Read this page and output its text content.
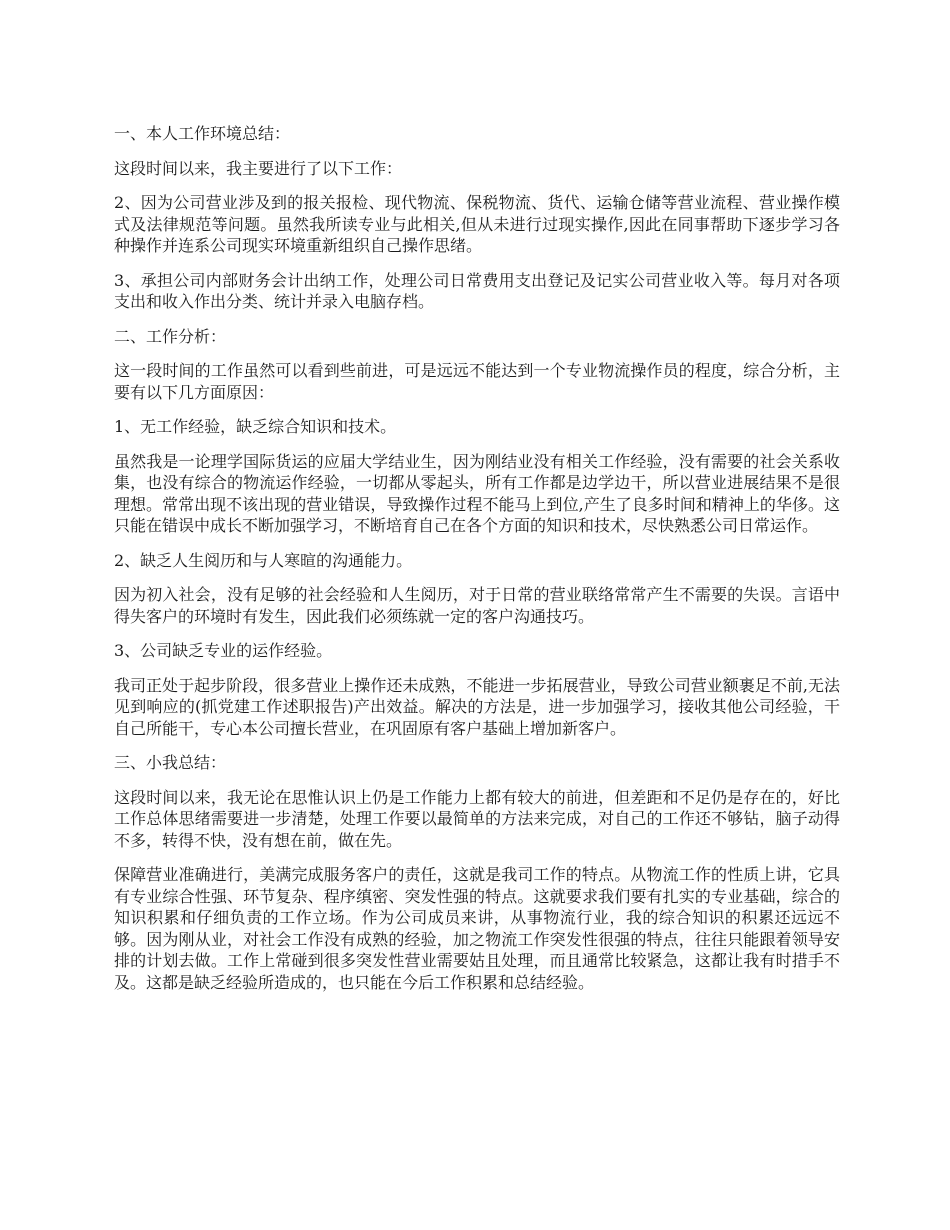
一、本人工作环境总结：

这段时间以来，我主要进行了以下工作：

2、因为公司营业涉及到的报关报检、现代物流、保税物流、货代、运输仓储等营业流程、营业操作模式及法律规范等问题。虽然我所读专业与此相关,但从未进行过现实操作,因此在同事帮助下逐步学习各种操作并连系公司现实环境重新组织自己操作思绪。

3、承担公司内部财务会计出纳工作，处理公司日常费用支出登记及记实公司营业收入等。每月对各项支出和收入作出分类、统计并录入电脑存档。

二、工作分析：

这一段时间的工作虽然可以看到些前进，可是远远不能达到一个专业物流操作员的程度，综合分析，主要有以下几方面原因：

1、无工作经验，缺乏综合知识和技术。

虽然我是一论理学国际货运的应届大学结业生，因为刚结业没有相关工作经验，没有需要的社会关系收集，也没有综合的物流运作经验，一切都从零起头，所有工作都是边学边干，所以营业进展结果不是很理想。常常出现不该出现的营业错误，导致操作过程不能马上到位,产生了良多时间和精神上的华侈。这只能在错误中成长不断加强学习，不断培育自己在各个方面的知识和技术，尽快熟悉公司日常运作。

2、缺乏人生阅历和与人寒暄的沟通能力。

因为初入社会，没有足够的社会经验和人生阅历，对于日常的营业联络常常产生不需要的失误。言语中得失客户的环境时有发生，因此我们必须练就一定的客户沟通技巧。

3、公司缺乏专业的运作经验。

我司正处于起步阶段，很多营业上操作还未成熟，不能进一步拓展营业，导致公司营业额裹足不前,无法见到响应的(抓党建工作述职报告)产出效益。解决的方法是，进一步加强学习，接收其他公司经验，干自己所能干，专心本公司擅长营业，在巩固原有客户基础上增加新客户。

三、小我总结：

这段时间以来，我无论在思惟认识上仍是工作能力上都有较大的前进，但差距和不足仍是存在的，好比工作总体思绪需要进一步清楚，处理工作要以最简单的方法来完成，对自己的工作还不够钻，脑子动得不多，转得不快，没有想在前，做在先。

保障营业准确进行，美满完成服务客户的责任，这就是我司工作的特点。从物流工作的性质上讲，它具有专业综合性强、环节复杂、程序缜密、突发性强的特点。这就要求我们要有扎实的专业基础，综合的知识积累和仔细负责的工作立场。作为公司成员来讲，从事物流行业，我的综合知识的积累还远远不够。因为刚从业，对社会工作没有成熟的经验，加之物流工作突发性很强的特点，往往只能跟着领导安排的计划去做。工作上常碰到很多突发性营业需要姑且处理，而且通常比较紧急，这都让我有时措手不及。这都是缺乏经验所造成的，也只能在今后工作积累和总结经验。
